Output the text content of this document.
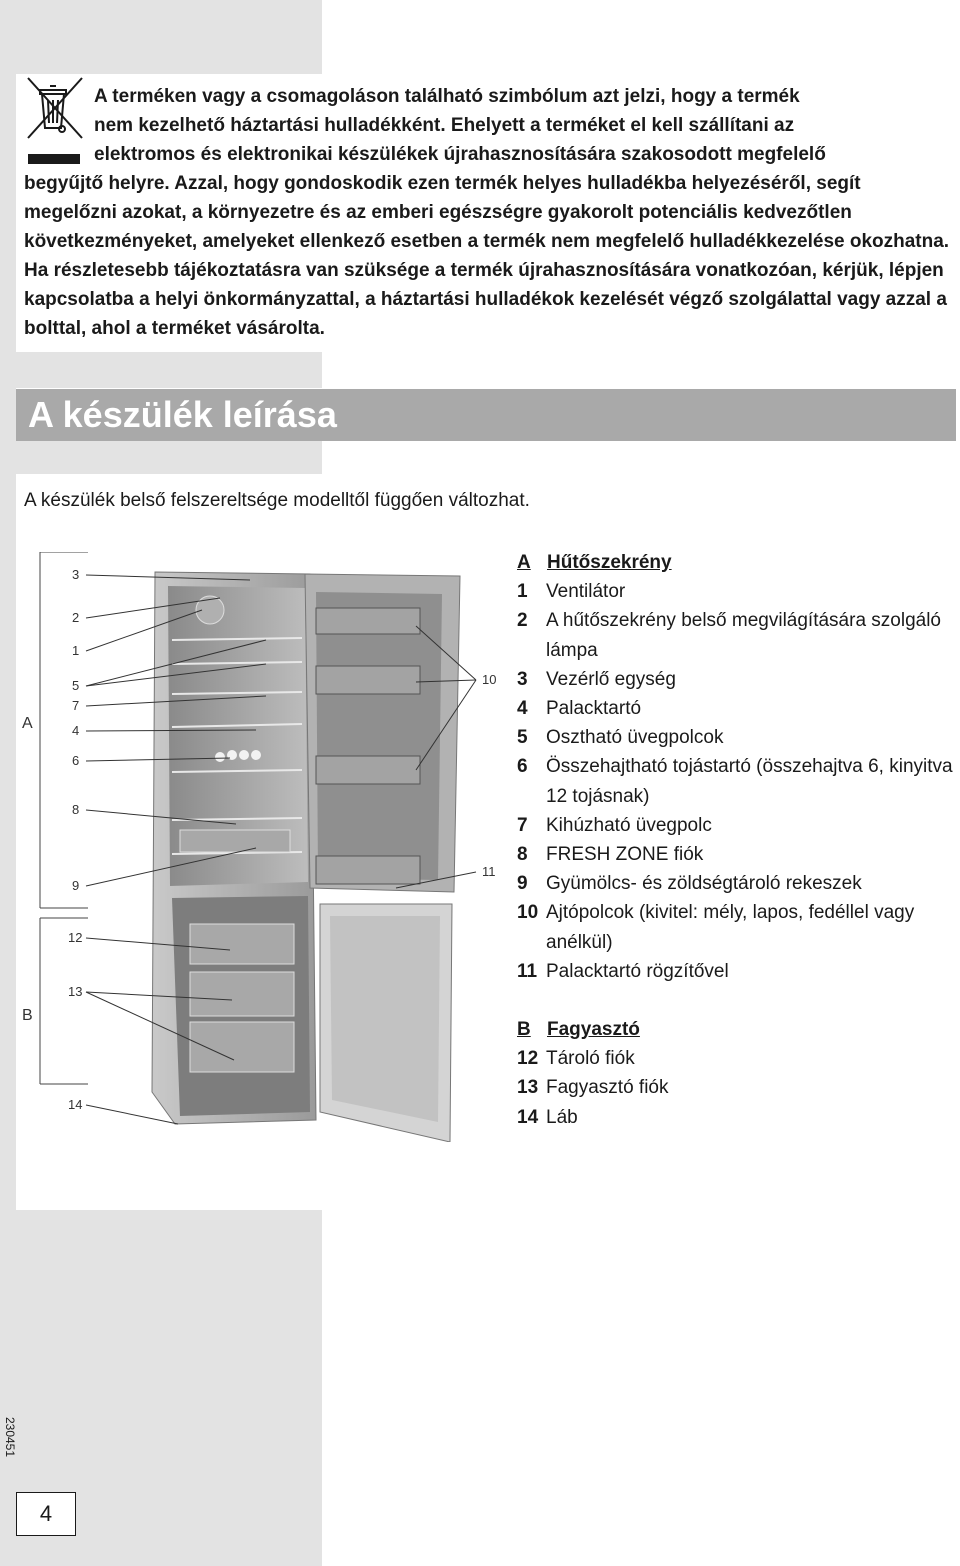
A terméken vagy a csomagoláson található szimbólum azt jelzi, hogy a termék

nem kezelhető háztartási hulladékként. Ehelyett a terméket el kell szállítani az

elektromos és elektronikai készülékek újrahasznosítására szakosodott megfelelő

begyűjtő helyre. Azzal, hogy gondoskodik ezen termék helyes hulladékba helyezéséről, segít megelőzni azokat, a környezetre és az emberi egészségre gyakorolt potenciális kedvezőtlen következményeket, amelyeket ellenkező esetben a termék nem megfelelő hulladékkezelése okozhatna. Ha részletesebb tájékoztatásra van szüksége a termék újrahasznosítására vonatkozóan, kérjük, lépjen kapcsolatba a helyi önkormányzattal, a háztartási hulladékok kezelését végző szolgálattal vagy azzal a bolttal, ahol a terméket vásárolta.

A készülék leírása
A készülék belső felszereltsége modelltől függően változhat.
A
B
3
2
1
5
7
4
6
8
9
12
13
14
10
11
A Hűtőszekrény
1 Ventilátor
2 A hűtőszekrény belső megvilágítására szolgáló lámpa
3 Vezérlő egység
4 Palacktartó
5 Osztható üvegpolcok
6 Összehajtható tojástartó (összehajtva 6, kinyitva 12 tojásnak)
7 Kihúzható üvegpolc
8 FRESH ZONE fiók
9 Gyümölcs- és zöldségtároló rekeszek
10 Ajtópolcok (kivitel: mély, lapos, fedéllel vagy anélkül)
11 Palacktartó rögzítővel
B Fagyasztó
12 Tároló fiók
13 Fagyasztó fiók
14 Láb
230451
4
